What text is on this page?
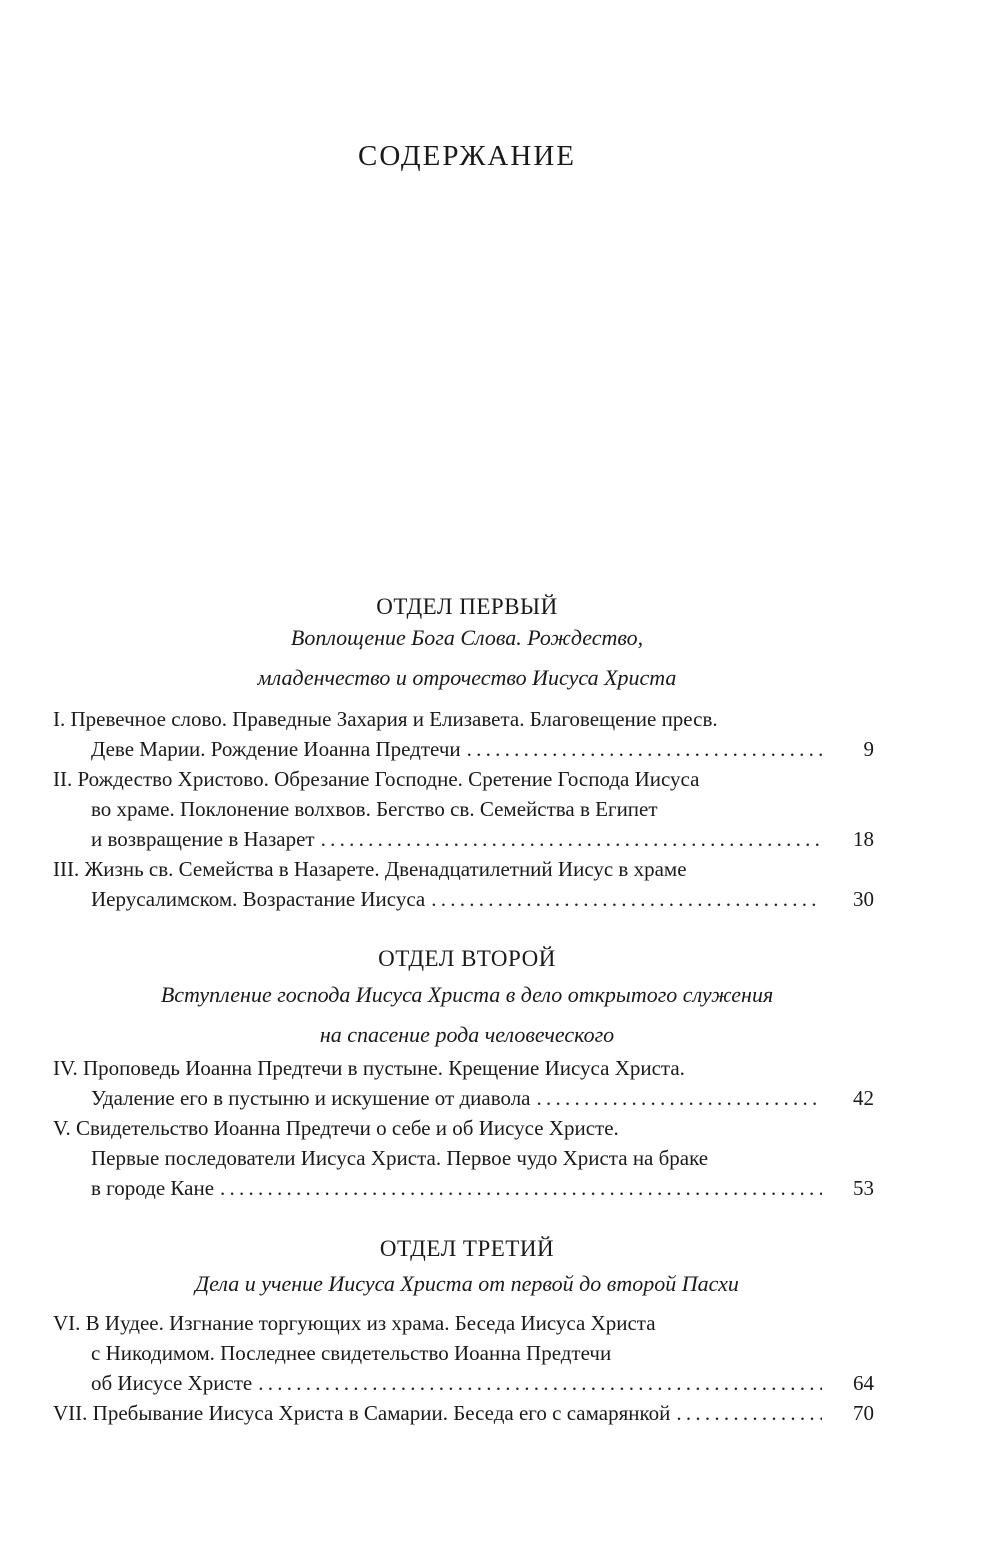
СОДЕРЖАНИЕ
ОТДЕЛ ПЕРВЫЙ
Воплощение Бога Слова. Рождество,
младенчество и отрочество Иисуса Христа
I. Превечное слово. Праведные Захария и Елизавета. Благовещение пресв.
Деве Марии. Рождение Иоанна Предтечи . . .	9
II. Рождество Христово. Обрезание Господне. Сретение Господа Иисуса
во храме. Поклонение волхвов. Бегство св. Семейства в Египет
и возвращение в Назарет . . .	18
III. Жизнь св. Семейства в Назарете. Двенадцатилетний Иисус в храме
Иерусалимском. Возрастание Иисуса . . .	30
ОТДЕЛ ВТОРОЙ
Вступление господа Иисуса Христа в дело открытого служения
на спасение рода человеческого
IV. Проповедь Иоанна Предтечи в пустыне. Крещение Иисуса Христа.
Удаление его в пустыню и искушение от диавола . . .	42
V. Свидетельство Иоанна Предтечи о себе и об Иисусе Христе.
Первые последователи Иисуса Христа. Первое чудо Христа на браке
в городе Кане . . .	53
ОТДЕЛ ТРЕТИЙ
Дела и учение Иисуса Христа от первой до второй Пасхи
VI. В Иудее. Изгнание торгующих из храма. Беседа Иисуса Христа
с Никодимом. Последнее свидетельство Иоанна Предтечи
об Иисусе Христе . . .	64
VII. Пребывание Иисуса Христа в Самарии. Беседа его с самарянкой . . .	70
